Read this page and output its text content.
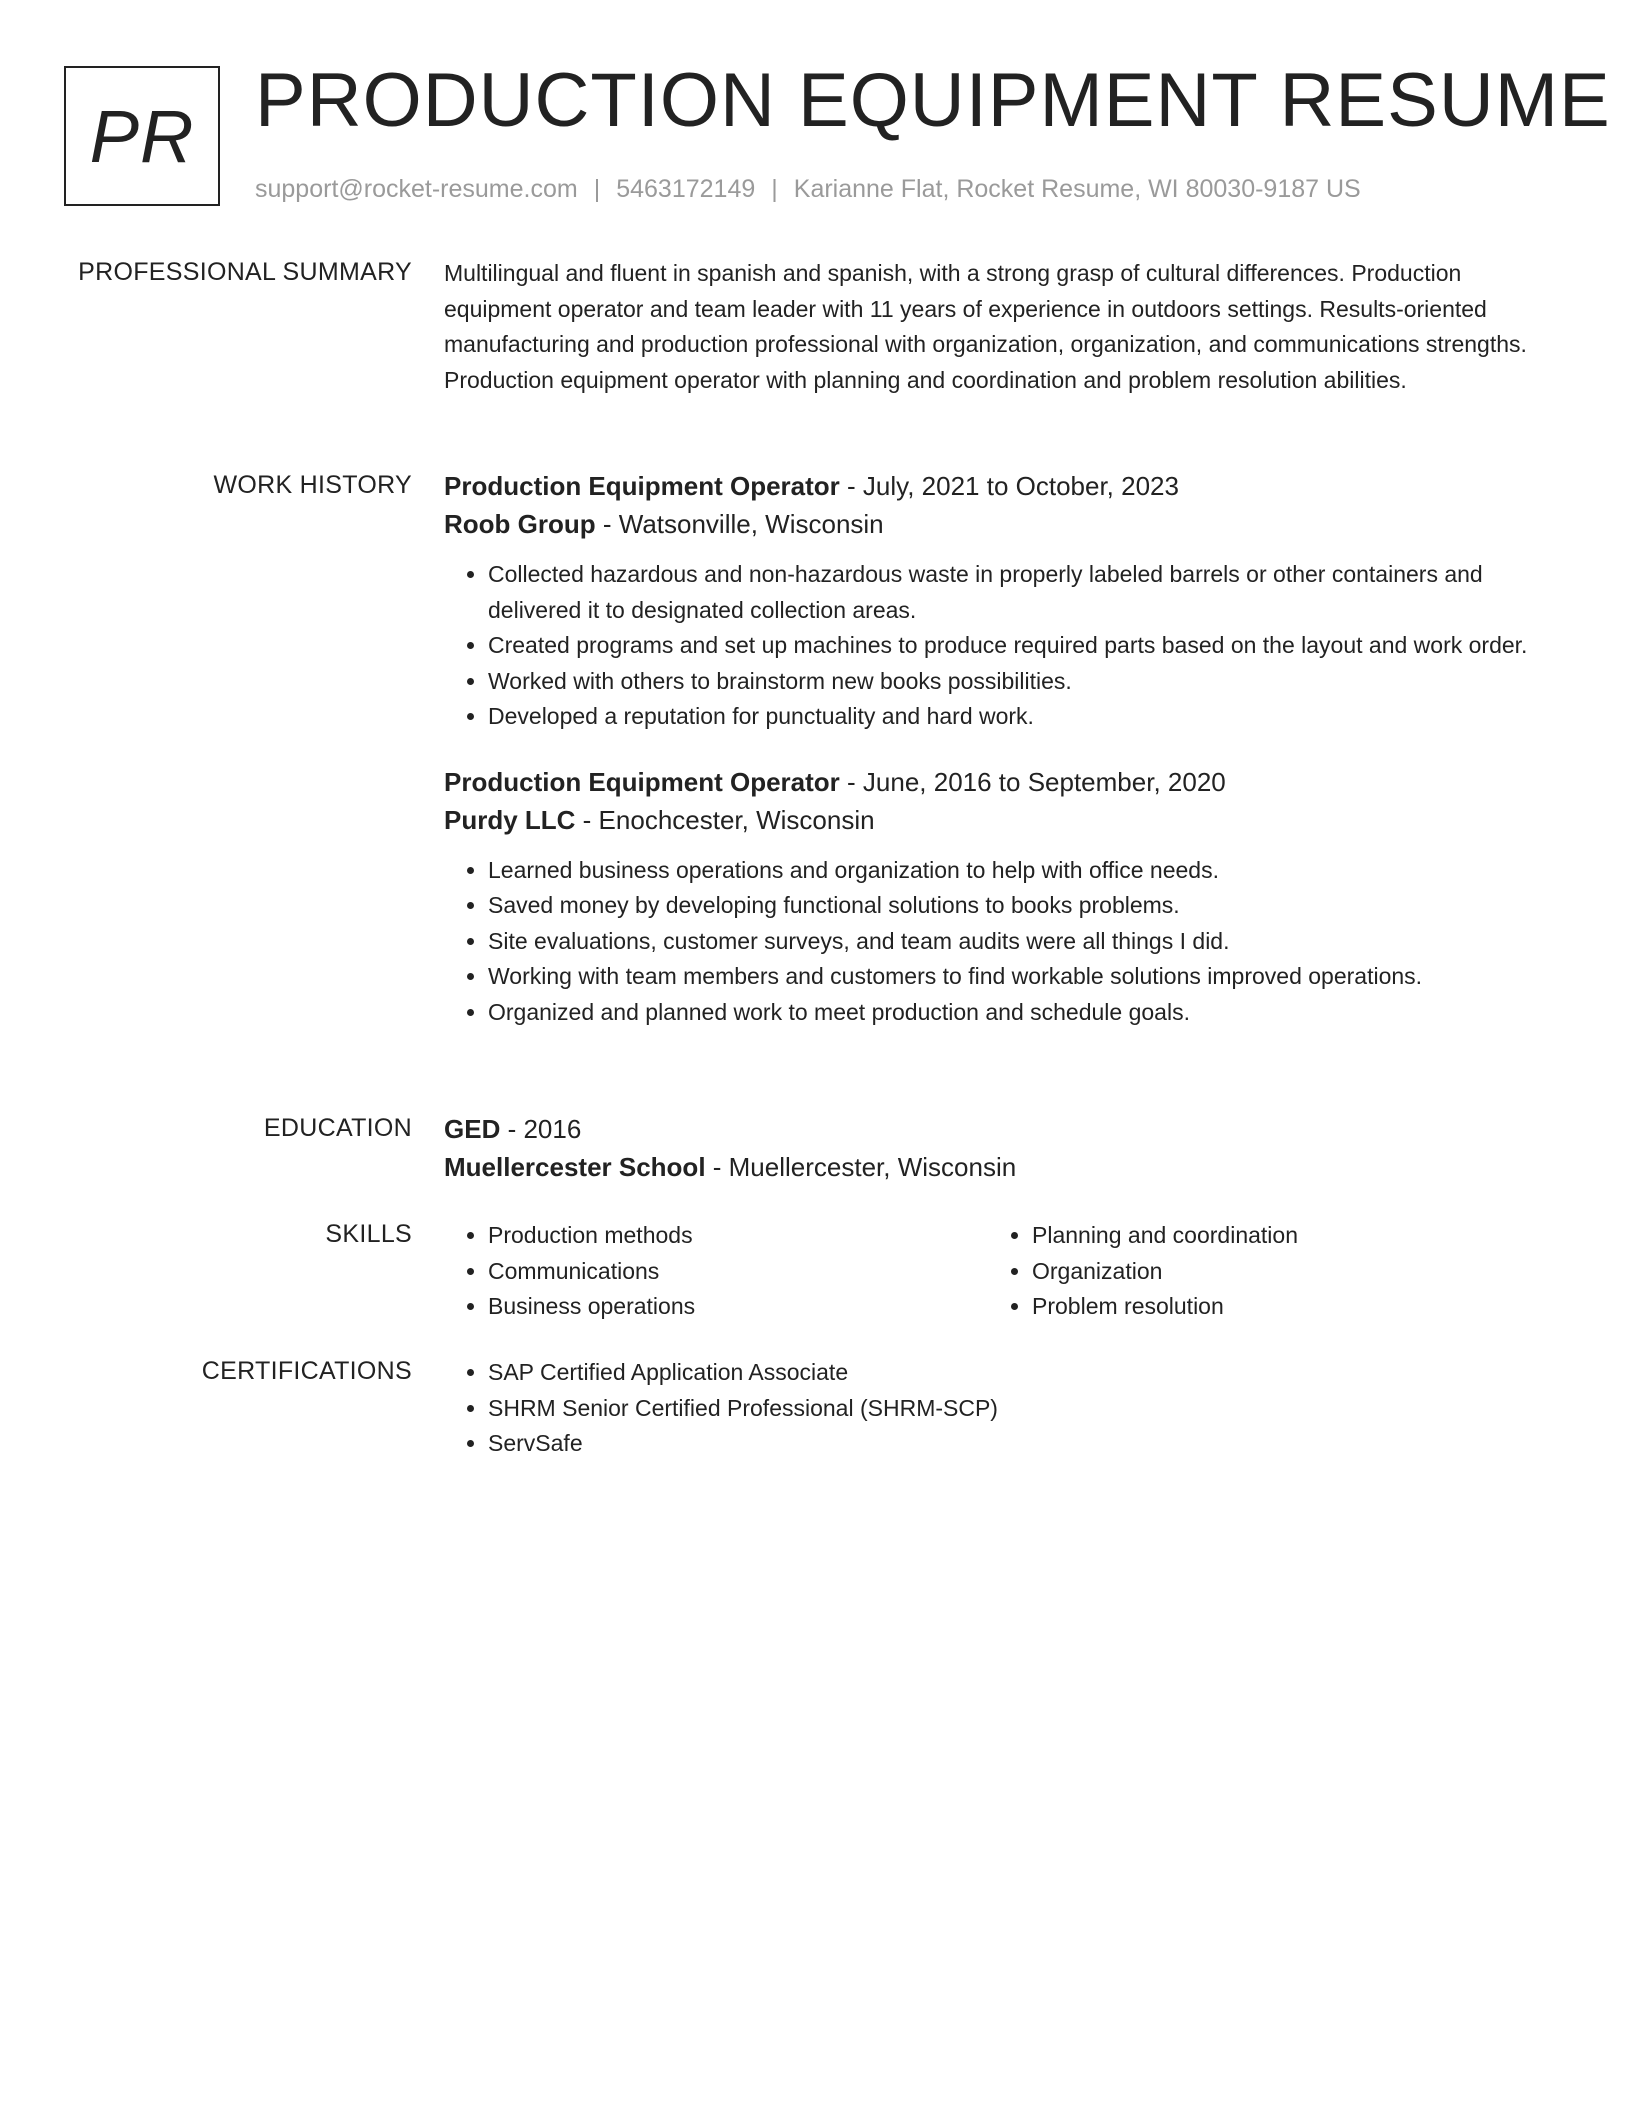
PR PRODUCTION EQUIPMENT RESUME
support@rocket-resume.com | 5463172149 | Karianne Flat, Rocket Resume, WI 80030-9187 US
PROFESSIONAL SUMMARY Multilingual and fluent in spanish and spanish, with a strong grasp of cultural differences. Production equipment operator and team leader with 11 years of experience in outdoors settings. Results-oriented manufacturing and production professional with organization, organization, and communications strengths. Production equipment operator with planning and coordination and problem resolution abilities.

WORK HISTORY Production Equipment Operator - July, 2021 to October, 2023
Roob Group - Watsonville, Wisconsin
• Collected hazardous and non-hazardous waste in properly labeled barrels or other containers and delivered it to designated collection areas.
• Created programs and set up machines to produce required parts based on the layout and work order.
• Worked with others to brainstorm new books possibilities.
• Developed a reputation for punctuality and hard work.
Production Equipment Operator - June, 2016 to September, 2020
Purdy LLC - Enochcester, Wisconsin
• Learned business operations and organization to help with office needs.
• Saved money by developing functional solutions to books problems.
• Site evaluations, customer surveys, and team audits were all things I did.
• Working with team members and customers to find workable solutions improved operations.
• Organized and planned work to meet production and schedule goals.
EDUCATION GED - 2016
Muellercester School - Muellercester, Wisconsin
SKILLS	• Production methods
• Communications
• Business operations
• Planning and coordination
• Organization
• Problem resolution
CERTIFICATIONS	• SAP Certified Application Associate
• SHRM Senior Certified Professional (SHRM-SCP)
• ServSafe
